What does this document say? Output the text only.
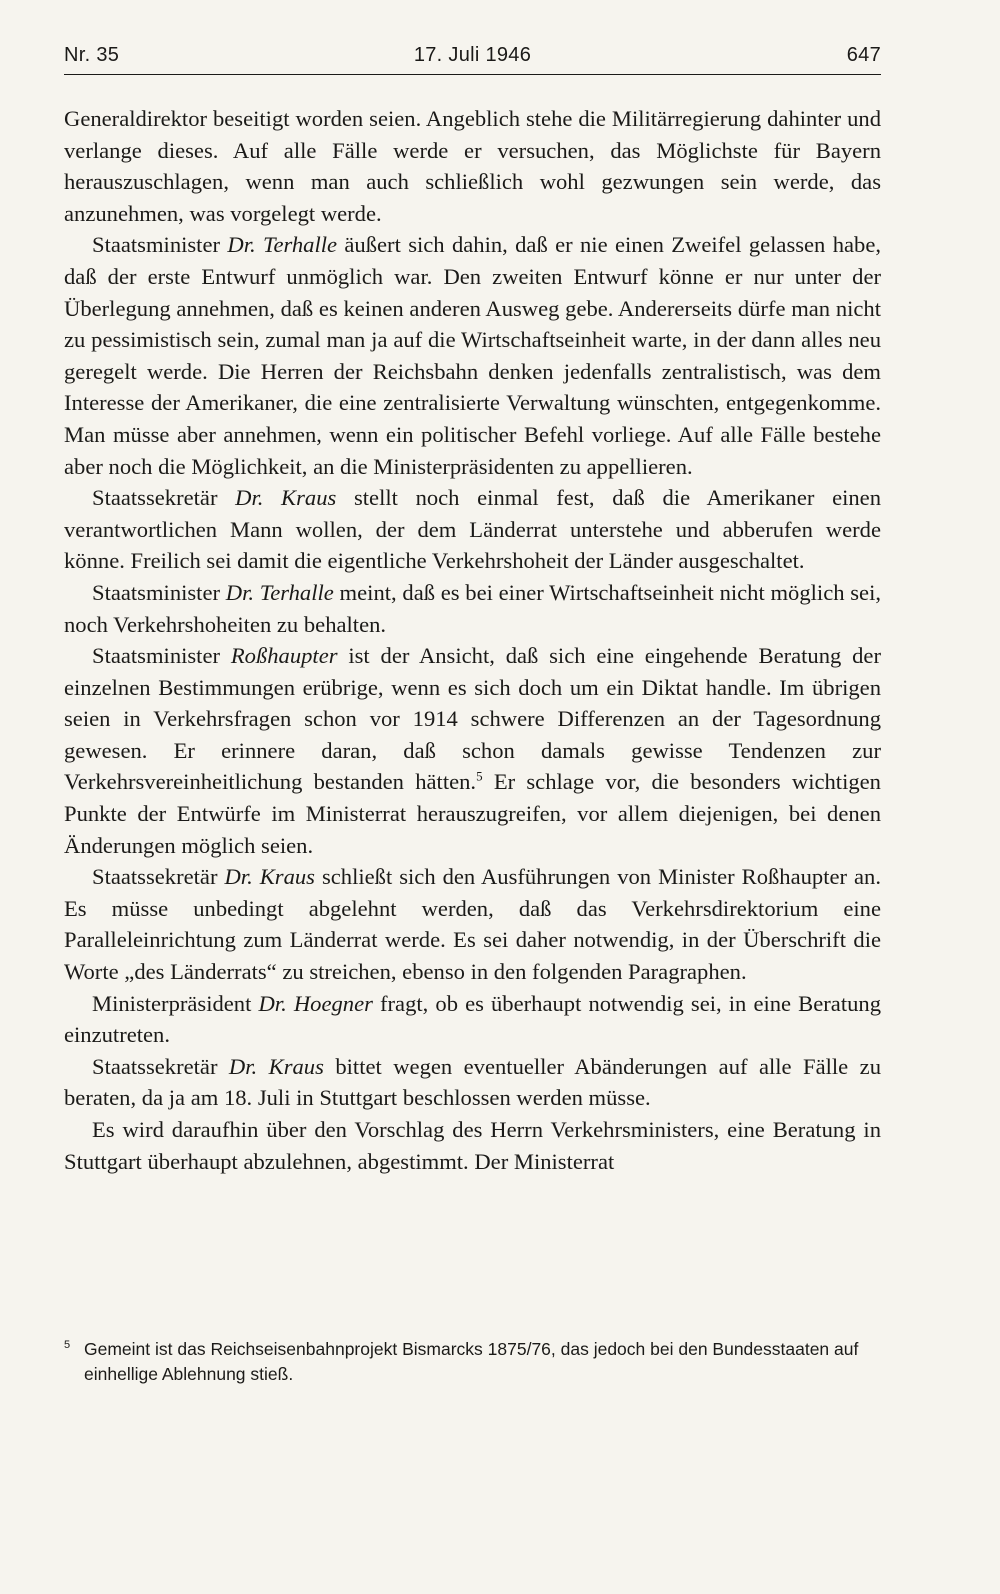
Nr. 35	17. Juli 1946	647

Generaldirektor beseitigt worden seien. Angeblich stehe die Militärregierung dahinter und verlange dieses. Auf alle Fälle werde er versuchen, das Möglichste für Bayern herauszuschlagen, wenn man auch schließlich wohl gezwungen sein werde, das anzunehmen, was vorgelegt werde.

Staatsminister Dr. Terhalle äußert sich dahin, daß er nie einen Zweifel gelassen habe, daß der erste Entwurf unmöglich war. Den zweiten Entwurf könne er nur unter der Überlegung annehmen, daß es keinen anderen Ausweg gebe. Andererseits dürfe man nicht zu pessimistisch sein, zumal man ja auf die Wirtschaftseinheit warte, in der dann alles neu geregelt werde. Die Herren der Reichsbahn denken jedenfalls zentralistisch, was dem Interesse der Amerikaner, die eine zentralisierte Verwaltung wünschten, entgegenkomme. Man müsse aber annehmen, wenn ein politischer Befehl vorliege. Auf alle Fälle bestehe aber noch die Möglichkeit, an die Ministerpräsidenten zu appellieren.

Staatssekretär Dr. Kraus stellt noch einmal fest, daß die Amerikaner einen verantwortlichen Mann wollen, der dem Länderrat unterstehe und abberufen werde könne. Freilich sei damit die eigentliche Verkehrshoheit der Länder ausgeschaltet.

Staatsminister Dr. Terhalle meint, daß es bei einer Wirtschaftseinheit nicht möglich sei, noch Verkehrshoheiten zu behalten.

Staatsminister Roßhaupter ist der Ansicht, daß sich eine eingehende Beratung der einzelnen Bestimmungen erübrige, wenn es sich doch um ein Diktat handle. Im übrigen seien in Verkehrsfragen schon vor 1914 schwere Differenzen an der Tagesordnung gewesen. Er erinnere daran, daß schon damals gewisse Tendenzen zur Verkehrsvereinheitlichung bestanden hätten.$^5$ Er schlage vor, die besonders wichtigen Punkte der Entwürfe im Ministerrat herauszugreifen, vor allem diejenigen, bei denen Änderungen möglich seien.

Staatssekretär Dr. Kraus schließt sich den Ausführungen von Minister Roßhaupter an. Es müsse unbedingt abgelehnt werden, daß das Verkehrsdirektorium eine Paralleleinrichtung zum Länderrat werde. Es sei daher notwendig, in der Überschrift die Worte „des Länderrats“ zu streichen, ebenso in den folgenden Paragraphen.

Ministerpräsident Dr. Hoegner fragt, ob es überhaupt notwendig sei, in eine Beratung einzutreten.

Staatssekretär Dr. Kraus bittet wegen eventueller Abänderungen auf alle Fälle zu beraten, da ja am 18. Juli in Stuttgart beschlossen werden müsse.

Es wird daraufhin über den Vorschlag des Herrn Verkehrsministers, eine Beratung in Stuttgart überhaupt abzulehnen, abgestimmt. Der Ministerrat

5 Gemeint ist das Reichseisenbahnprojekt Bismarcks 1875/76, das jedoch bei den Bundesstaaten auf einhellige Ablehnung stieß.
